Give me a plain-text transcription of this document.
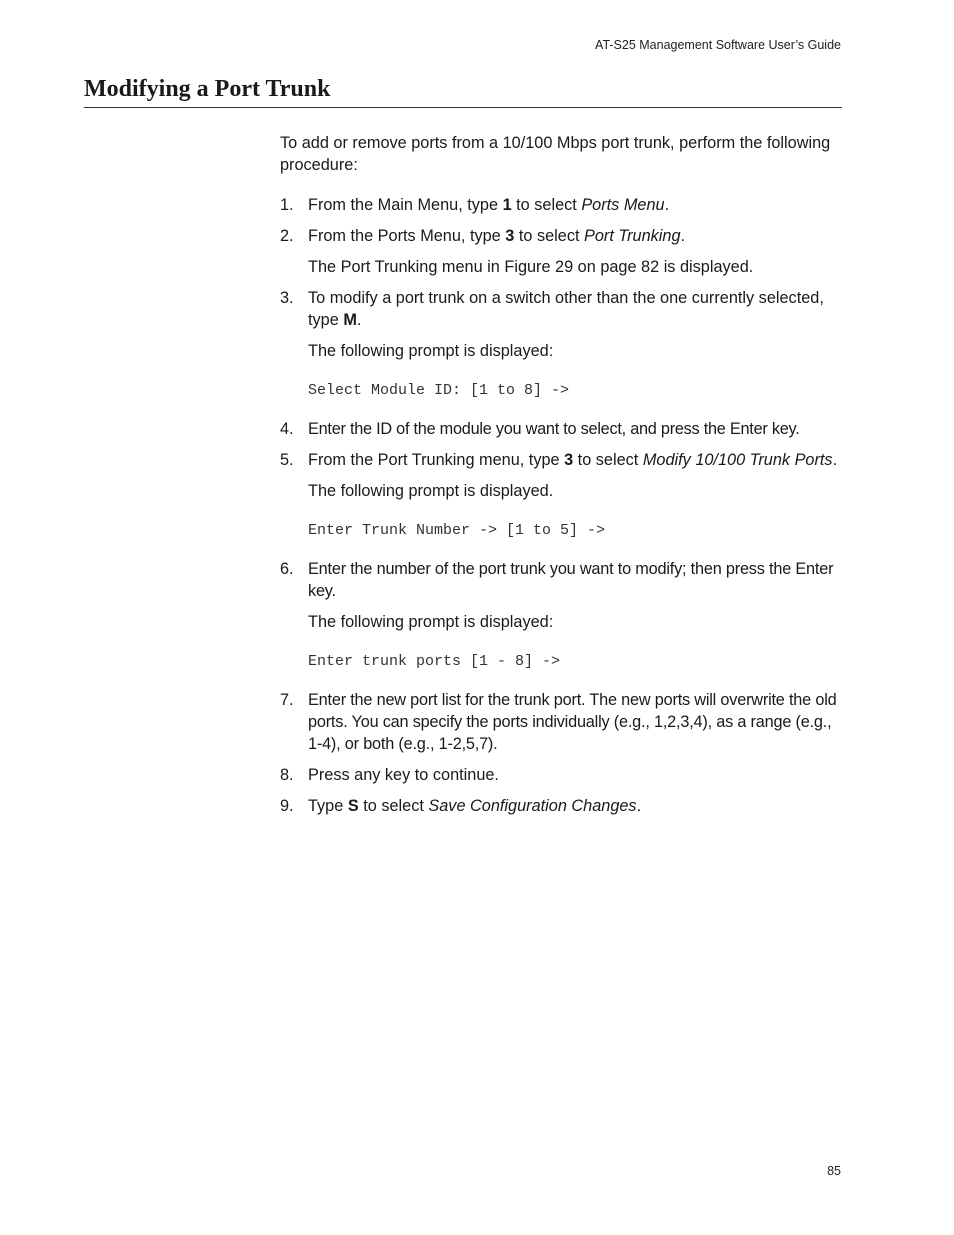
AT-S25 Management Software User’s Guide
Modifying a Port Trunk

To add or remove ports from a 10/100 Mbps port trunk, perform the following procedure:

1. From the Main Menu, type 1 to select Ports Menu.
2. From the Ports Menu, type 3 to select Port Trunking.
The Port Trunking menu in Figure 29 on page 82 is displayed.
3. To modify a port trunk on a switch other than the one currently selected, type M.
The following prompt is displayed:
Select Module ID: [1 to 8] ->
4. Enter the ID of the module you want to select, and press the Enter key.
5. From the Port Trunking menu, type 3 to select Modify 10/100 Trunk Ports.
The following prompt is displayed.
Enter Trunk Number -> [1 to 5] ->
6. Enter the number of the port trunk you want to modify; then press the Enter key.
The following prompt is displayed:
Enter trunk ports [1 - 8] ->
7. Enter the new port list for the trunk port. The new ports will overwrite the old ports. You can specify the ports individually (e.g., 1,2,3,4), as a range (e.g., 1-4), or both (e.g., 1-2,5,7).
8. Press any key to continue.
9. Type S to select Save Configuration Changes.
85
